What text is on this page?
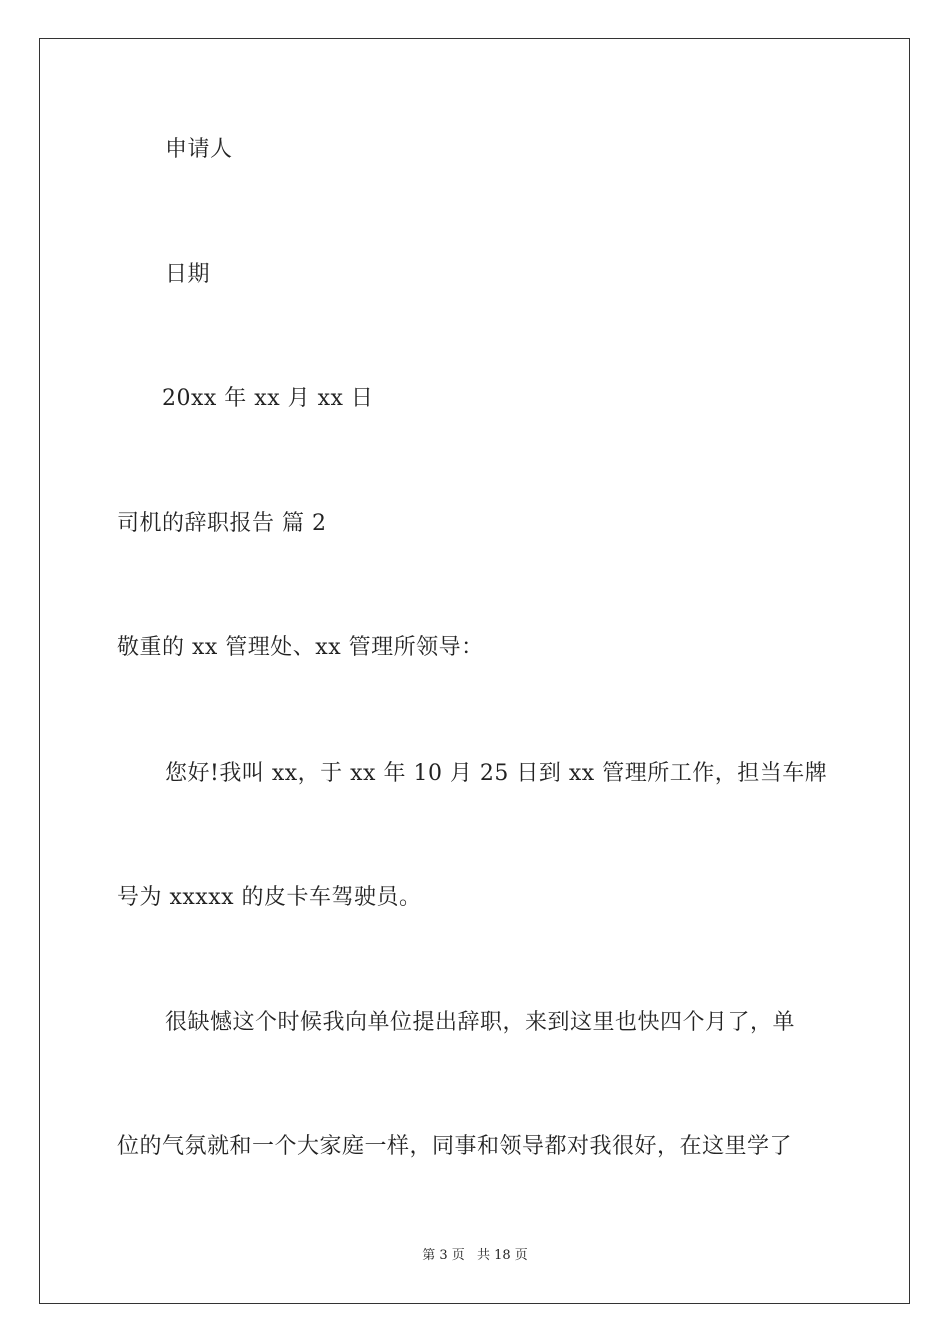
申请人
日期
20xx 年 xx 月 xx 日
司机的辞职报告 篇 2
敬重的 xx 管理处、xx 管理所领导：
您好!我叫 xx，于 xx 年 10 月 25 日到 xx 管理所工作，担当车牌
号为 xxxxx 的皮卡车驾驶员。
很缺憾这个时候我向单位提出辞职，来到这里也快四个月了，单
位的气氛就和一个大家庭一样，同事和领导都对我很好，在这里学了
第 3 页 共 18 页
